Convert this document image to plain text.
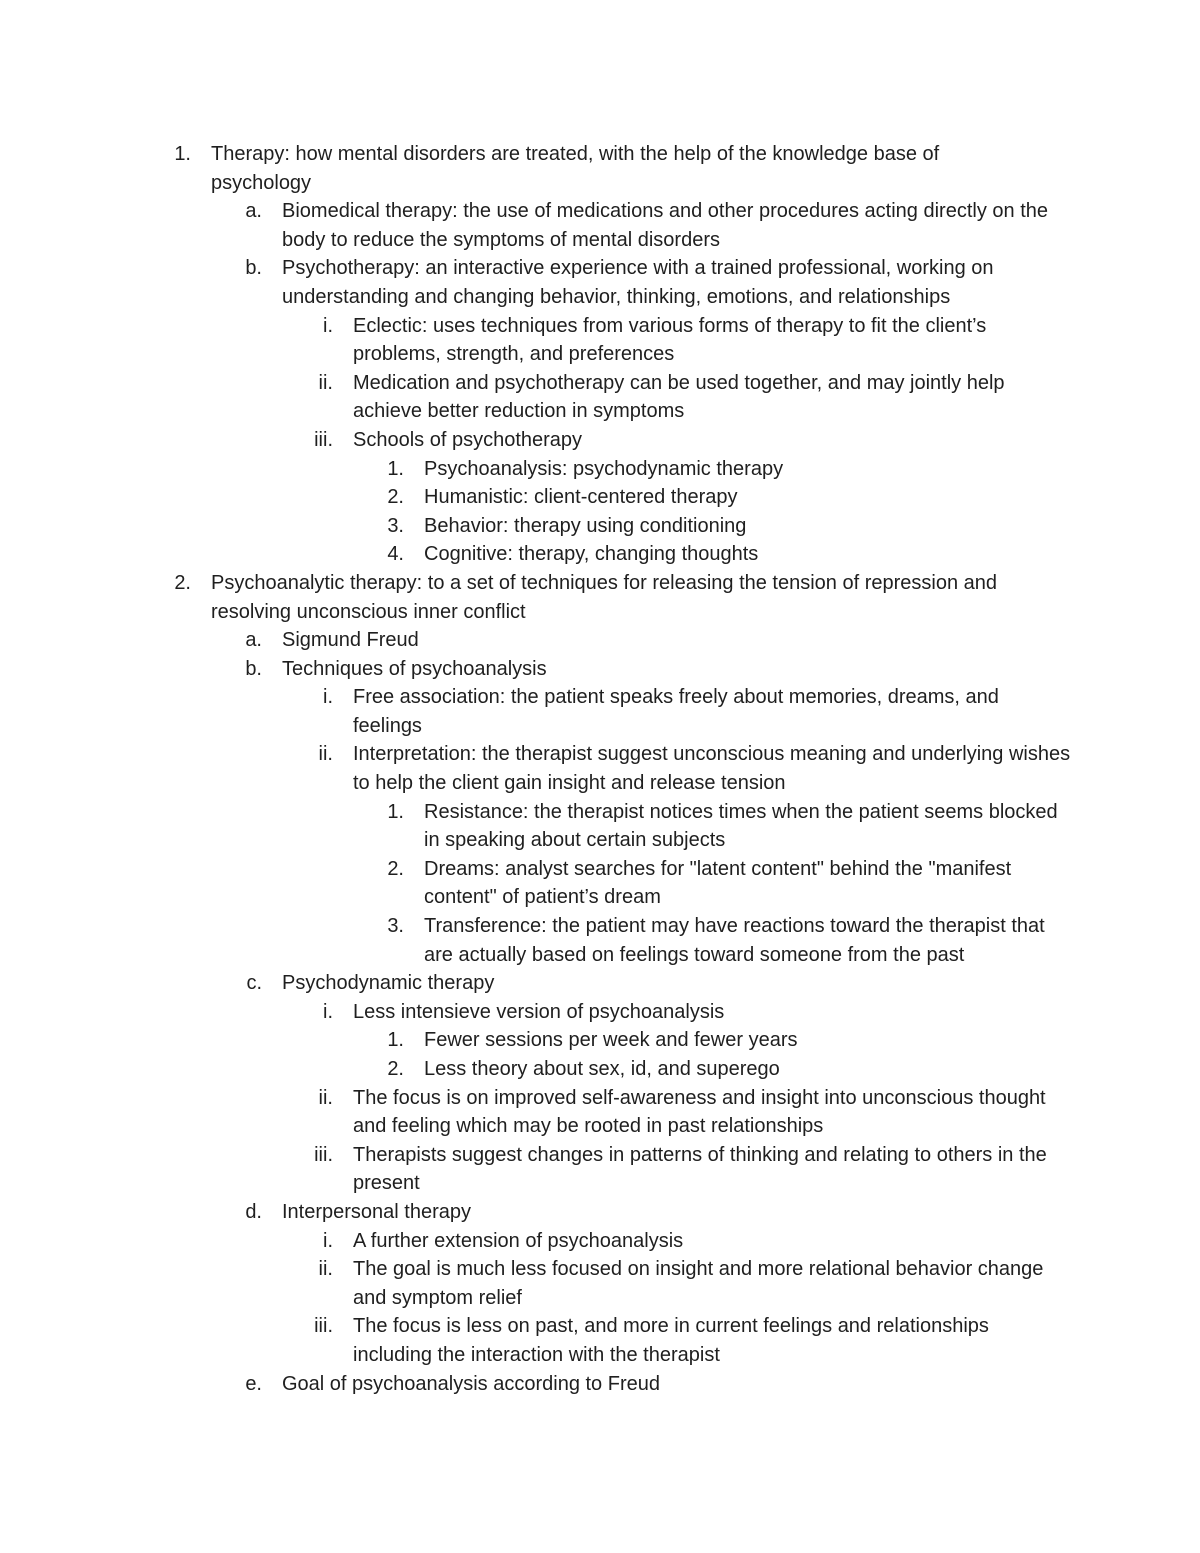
1. Therapy: how mental disorders are treated, with the help of the knowledge base of psychology
a. Biomedical therapy: the use of medications and other procedures acting directly on the body to reduce the symptoms of mental disorders
b. Psychotherapy: an interactive experience with a trained professional, working on understanding and changing behavior, thinking, emotions, and relationships
i. Eclectic: uses techniques from various forms of therapy to fit the client’s problems, strength, and preferences
ii. Medication and psychotherapy can be used together, and may jointly help achieve better reduction in symptoms
iii. Schools of psychotherapy
1. Psychoanalysis: psychodynamic therapy
2. Humanistic: client-centered therapy
3. Behavior: therapy using conditioning
4. Cognitive: therapy, changing thoughts
2. Psychoanalytic therapy: to a set of techniques for releasing the tension of repression and resolving unconscious inner conflict
a. Sigmund Freud
b. Techniques of psychoanalysis
i. Free association: the patient speaks freely about memories, dreams, and feelings
ii. Interpretation: the therapist suggest unconscious meaning and underlying wishes to help the client gain insight and release tension
1. Resistance: the therapist notices times when the patient seems blocked in speaking about certain subjects
2. Dreams: analyst searches for "latent content" behind the "manifest content" of patient’s dream
3. Transference: the patient may have reactions toward the therapist that are actually based on feelings toward someone from the past
c. Psychodynamic therapy
i. Less intensieve version of psychoanalysis
1. Fewer sessions per week and fewer years
2. Less theory about sex, id, and superego
ii. The focus is on improved self-awareness and insight into unconscious thought and feeling which may be rooted in past relationships
iii. Therapists suggest changes in patterns of thinking and relating to others in the present
d. Interpersonal therapy
i. A further extension of psychoanalysis
ii. The goal is much less focused on insight and more relational behavior change and symptom relief
iii. The focus is less on past, and more in current feelings and relationships including the interaction with the therapist
e. Goal of psychoanalysis according to Freud
